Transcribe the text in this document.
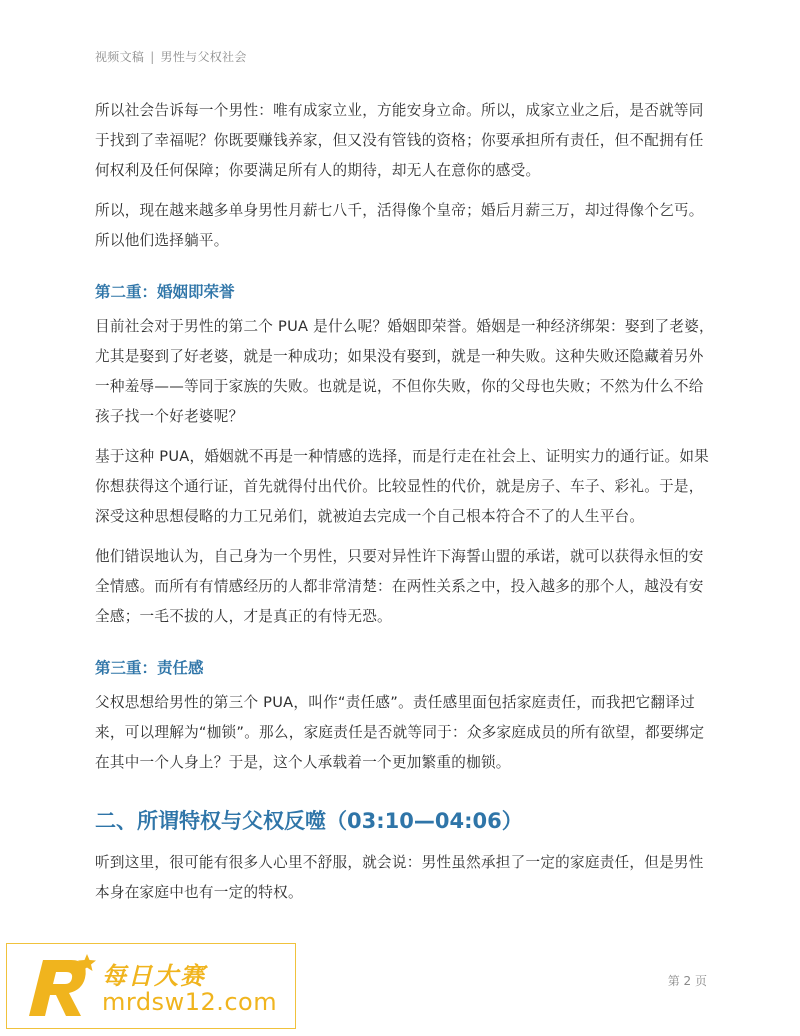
视频文稿 | 男性与父权社会

所以社会告诉每一个男性：唯有成家立业，方能安身立命。所以，成家立业之后，是否就等同于找到了幸福呢？你既要赚钱养家，但又没有管钱的资格；你要承担所有责任，但不配拥有任何权利及任何保障；你要满足所有人的期待，却无人在意你的感受。

所以，现在越来越多单身男性月薪七八千，活得像个皇帝；婚后月薪三万，却过得像个乞丐。所以他们选择躺平。

第二重：婚姻即荣誉

目前社会对于男性的第二个 PUA 是什么呢？婚姻即荣誉。婚姻是一种经济绑架：娶到了老婆，尤其是娶到了好老婆，就是一种成功；如果没有娶到，就是一种失败。这种失败还隐藏着另外一种羞辱——等同于家族的失败。也就是说，不但你失败，你的父母也失败；不然为什么不给孩子找一个好老婆呢？

基于这种 PUA，婚姻就不再是一种情感的选择，而是行走在社会上、证明实力的通行证。如果你想获得这个通行证，首先就得付出代价。比较显性的代价，就是房子、车子、彩礼。于是，深受这种思想侵略的力工兄弟们，就被迫去完成一个自己根本符合不了的人生平台。

他们错误地认为，自己身为一个男性，只要对异性许下海誓山盟的承诺，就可以获得永恒的安全情感。而所有有情感经历的人都非常清楚：在两性关系之中，投入越多的那个人，越没有安全感；一毛不拔的人，才是真正的有恃无恐。

第三重：责任感

父权思想给男性的第三个 PUA，叫作“责任感”。责任感里面包括家庭责任，而我把它翻译过来，可以理解为“枷锁”。那么，家庭责任是否就等同于：众多家庭成员的所有欲望，都要绑定在其中一个人身上？于是，这个人承载着一个更加繁重的枷锁。

二、所谓特权与父权反噬（03:10—04:06）

听到这里，很可能有很多人心里不舒服，就会说：男性虽然承担了一定的家庭责任，但是男性本身在家庭中也有一定的特权。

第 2 页
每日大赛
mrdsw12.com
